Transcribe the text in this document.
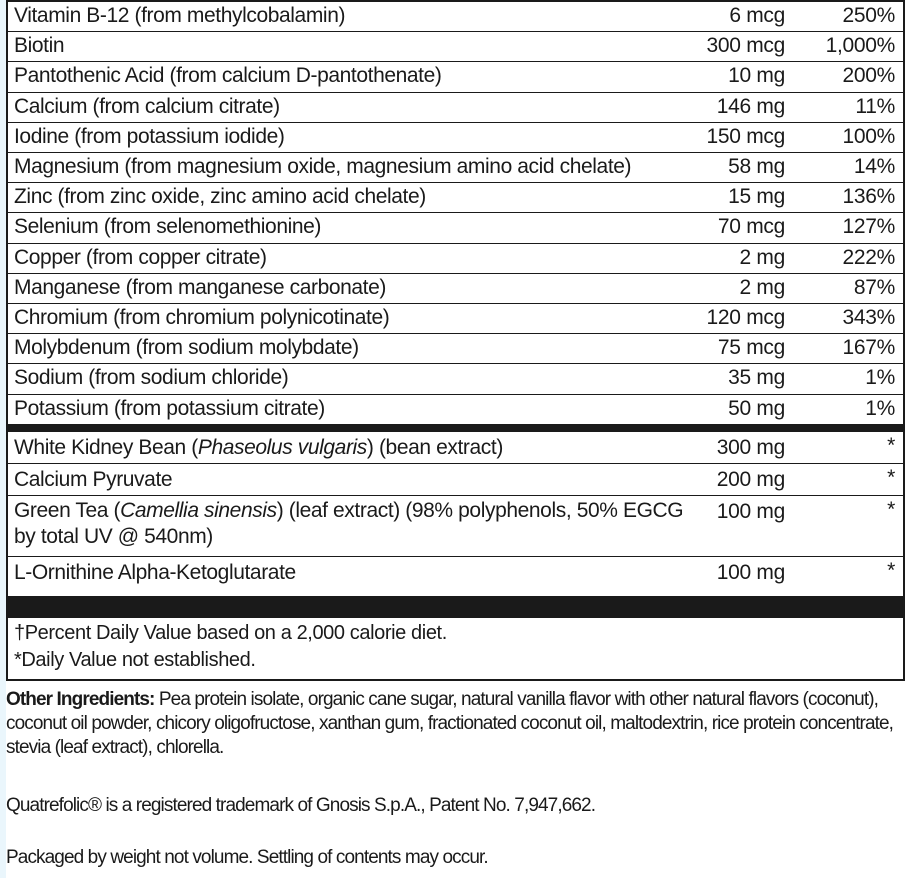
Vitamin B-12 (from methylcobalamin)	6 mcg	250%
Biotin	300 mcg 1,000%
Pantothenic Acid (from calcium D-pantothenate)	10 mg	200%
Calcium (from calcium citrate)	146 mg	11%
Iodine (from potassium iodide)	150 mcg	100%
Magnesium (from magnesium oxide, magnesium amino acid chelate)	58 mg	14%
Zinc (from zinc oxide, zinc amino acid chelate)	15 mg	136%
Selenium (from selenomethionine)	70 mcg	127%
Copper (from copper citrate)	2 mg	222%
Manganese (from manganese carbonate)	2 mg	87%
Chromium (from chromium polynicotinate)	120 mcg	343%
Molybdenum (from sodium molybdate)	75 mcg	167%
Sodium (from sodium chloride)	35 mg	1%
Potassium (from potassium citrate)	50 mg	1%
White Kidney Bean (Phaseolus vulgaris) (bean extract)	300 mg	*
Calcium Pyruvate	200 mg	*
Green Tea (Camellia sinensis) (leaf extract) (98% polyphenols, 50% EGCG by total UV @ 540nm)
100 mg	*
L-Ornithine Alpha-Ketoglutarate	100 mg	*
†Percent Daily Value based on a 2,000 calorie diet.
*Daily Value not established.
Other Ingredients: Pea protein isolate, organic cane sugar, natural vanilla flavor with other natural flavors (coconut), coconut oil powder, chicory oligofructose, xanthan gum, fractionated coconut oil, maltodextrin, rice protein concentrate, stevia (leaf extract), chlorella.
Quatrefolic® is a registered trademark of Gnosis S.p.A., Patent No. 7,947,662.
Packaged by weight not volume. Settling of contents may occur.
